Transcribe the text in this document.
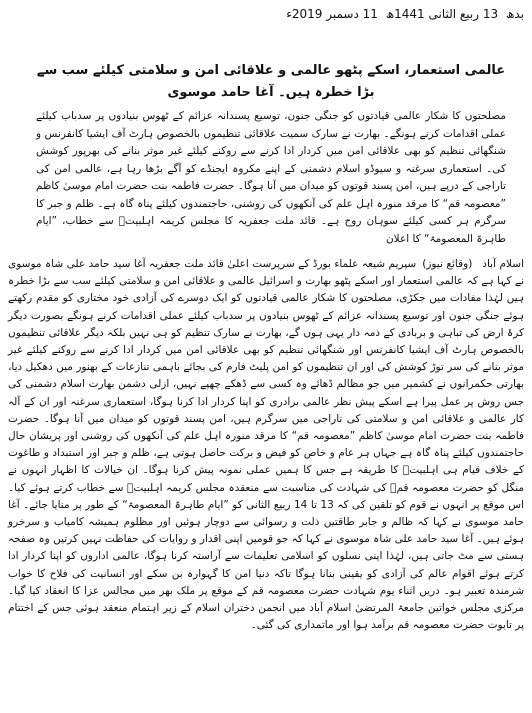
بدھ 13 ربیع الثانی 1441ھ 11 دسمبر 2019ء
عالمی استعمار، اسکے پٹھو عالمی و علاقائی امن و سلامتی کیلئے سب سے بڑا خطرہ ہیں۔ آغا حامد موسوی

مصلحتوں کا شکار عالمی قیادتوں کو جنگی جنون، توسیع پسندانہ عزائم کے ٹھوس بنیادوں پر سدباب کیلئے عملی اقدامات کرنے ہونگے۔ بھارت نے سارک سمیت علاقائی تنظیموں بالخصوص ہارٹ آف ایشیا کانفرنس و شنگھائی تنظیم کو بھی علاقائی امن میں کردار ادا کرنے سے روکنے کیلئے غیر موثر بنانے کی بھرپور کوشش کی۔ استعماری سرغنہ و سیوڈو اسلام دشمنی کے اپنے مکروہ ایجنڈے کو آگے بڑھا رہا ہے، عالمی امن کی تاراجی کے درپے ہیں، امن پسند قوتوں کو میدان میں آنا ہوگا۔ حضرت فاطمہ بنت حضرت امام موسیٰ کاظم ”معصومہ قم“ کا مرقد منورہ اہل علم کی آنکھوں کی روشنی، حاجتمندوں کیلئے پناہ گاہ ہے۔ ظلم و جبر کا سرگرم ہر کسی کیلئے سوہان روح ہے۔ قائد ملت جعفریہ کا مجلس کریمہ اہلبیتؑ سے خطاب، ”ایام طاہرۃ المعصومۃ“ کا اعلان

اسلام آباد(وقائع نیوز)سپریم شیعہ علماء بورڈ کے سرپرست اعلیٰ قائد ملت جعفریہ آغا سید حامد علی شاہ موسوی نے کہا ہے کہ عالمی استعمار اور اسکے پٹھو بھارت و اسرائیل عالمی و علاقائی امن و سلامتی کیلئے سب سے بڑا خطرہ ہیں لہٰذا مفادات میں جکڑی، مصلحتوں کا شکار عالمی قیادتوں کو ایک دوسرے کی آزادی خود مختاری کو مقدم رکھتے ہوئے جنگی جنون اور توسیع پسندانہ عزائم کے ٹھوس بنیادوں پر سدباب کیلئے عملی اقدامات کرنے ہونگے بصورت دیگر کرۂ ارض کی تباہی و بربادی کے ذمہ دار یہی ہوں گے، بھارت نے سارک تنظیم کو ہی نہیں بلکہ دیگر علاقائی تنظیموں بالخصوص ہارٹ آف ایشیا کانفرنس اور شنگھائی تنظیم کو بھی علاقائی امن میں کردار ادا کرنے سے روکنے کیلئے غیر موثر بنانے کی سر توڑ کوشش کی اور ان تنظیموں کو امن پلیٹ فارم کی بجائے باہمی تنازعات کے بھنور میں دھکیل دیا، بھارتی حکمرانوں نے کشمیر میں جو مظالم ڈھائے وہ کسی سے ڈھکے چھپے نہیں، ازلی دشمن بھارت اسلام دشمنی کی جس روش پر عمل پیرا ہے اسکے پیش نظر عالمی برادری کو اپنا کردار ادا کرنا ہوگا، استعماری سرغنہ اور ان کے آلہ کار عالمی و علاقائی امن و سلامتی کی تاراجی میں سرگرم ہیں، امن پسند قوتوں کو میدان میں آنا ہوگا۔ حضرت فاطمہ بنت حضرت امام موسیٰ کاظم ”معصومہ قم“ کا مرقد منورہ اہل علم کی آنکھوں کی روشنی اور پریشان حال حاجتمندوں کیلئے پناہ گاہ ہے جہاں ہر عام و خاص کو فیض و برکت حاصل ہوتی ہے، ظلم و جبر اور استبداد و طاغوت کے خلاف قیام ہی اہلبیتؑ کا طریقہ ہے جس کا ہمیں عملی نمونہ پیش کرنا ہوگا۔ ان خیالات کا اظہار انہوں نے منگل کو حضرت معصومہ قمؑ کی شہادت کی مناسبت سے منعقدہ مجلس کریمہ اہلبیتؑ سے خطاب کرتے ہوئے کیا۔ اس موقع پر انہوں نے قوم کو تلقین کی کہ 13 تا 14 ربیع الثانی کو ”ایام طاہرۃ المعصومۃ“ کے طور پر منایا جائے۔ آغا حامد موسوی نے کہا کہ ظالم و جابر طاقتیں ذلت و رسوائی سے دوچار ہوئیں اور مظلوم ہمیشہ کامیاب و سرخرو ہوئے ہیں۔ آغا سید حامد علی شاہ موسوی نے کہا کہ جو قومیں اپنی اقدار و روایات کی حفاظت نہیں کرتیں وہ صفحہ ہستی سے مٹ جاتی ہیں، لہٰذا اپنی نسلوں کو اسلامی تعلیمات سے آراستہ کرنا ہوگا، عالمی اداروں کو اپنا کردار ادا کرتے ہوئے اقوام عالم کی آزادی کو یقینی بنانا ہوگا تاکہ دنیا امن کا گہوارہ بن سکے اور انسانیت کی فلاح کا خواب شرمندہ تعبیر ہو۔ دریں اثناء یوم شہادت حضرت معصومہ قم کے موقع پر ملک بھر میں مجالس عزا کا انعقاد کیا گیا۔ مرکزی مجلس خواتین جامعۃ المرتضیٰ اسلام آباد میں انجمن دختران اسلام کے زیر اہتمام منعقد ہوئی جس کے اختتام پر تابوت حضرت معصومہ قم برآمد ہوا اور ماتمداری کی گئی۔
